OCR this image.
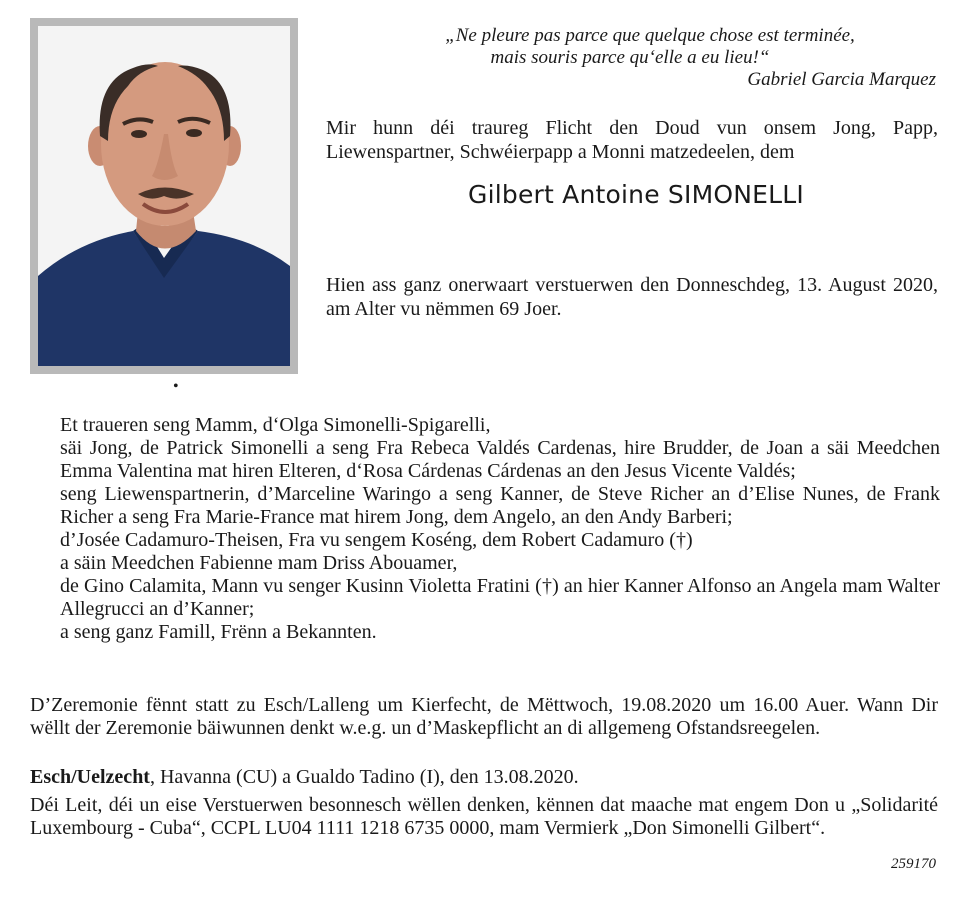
•
„Ne pleure pas parce que quelque chose est terminée,
mais souris parce qu‘elle a eu lieu!“
Gabriel Garcia Marquez
Mir hunn déi traureg Flicht den Doud vun onsem Jong, Papp, Liewenspartner, Schwéierpapp a Monni matzedeelen, dem
Gilbert Antoine SIMONELLI
Hien ass ganz onerwaart verstuerwen den Donneschdeg, 13. August 2020, am Alter vu nëmmen 69 Joer.
Et traueren seng Mamm, d‘Olga Simonelli-Spigarelli,
säi Jong, de Patrick Simonelli a seng Fra Rebeca Valdés Cardenas, hire Brudder, de Joan a säi Meedchen Emma Valentina mat hiren Elteren, d‘Rosa Cárdenas Cárdenas an den Jesus Vicente Valdés;
seng Liewenspartnerin, d’Marceline Waringo a seng Kanner, de Steve Richer an d’Elise Nunes, de Frank Richer a seng Fra Marie-France mat hirem Jong, dem Angelo, an den Andy Barberi;
d’Josée Cadamuro-Theisen, Fra vu sengem Koséng, dem Robert Cadamuro (†)
a säin Meedchen Fabienne mam Driss Abouamer,
de Gino Calamita, Mann vu senger Kusinn Violetta Fratini (†) an hier Kanner Alfonso an Angela mam Walter Allegrucci an d’Kanner;
a seng ganz Famill, Frënn a Bekannten.
D’Zeremonie fënnt statt zu Esch/Lalleng um Kierfecht, de Mëttwoch, 19.08.2020 um 16.00 Auer. Wann Dir wëllt der Zeremonie bäiwunnen denkt w.e.g. un d’Maskepflicht an di allgemeng Ofstandsreegelen.
Esch/Uelzecht, Havanna (CU) a Gualdo Tadino (I), den 13.08.2020.
Déi Leit, déi un eise Verstuerwen besonnesch wëllen denken, kënnen dat maache mat engem Don u „Solidarité Luxembourg - Cuba“, CCPL LU04 1111 1218 6735 0000, mam Vermierk „Don Simonelli Gilbert“.
259170
